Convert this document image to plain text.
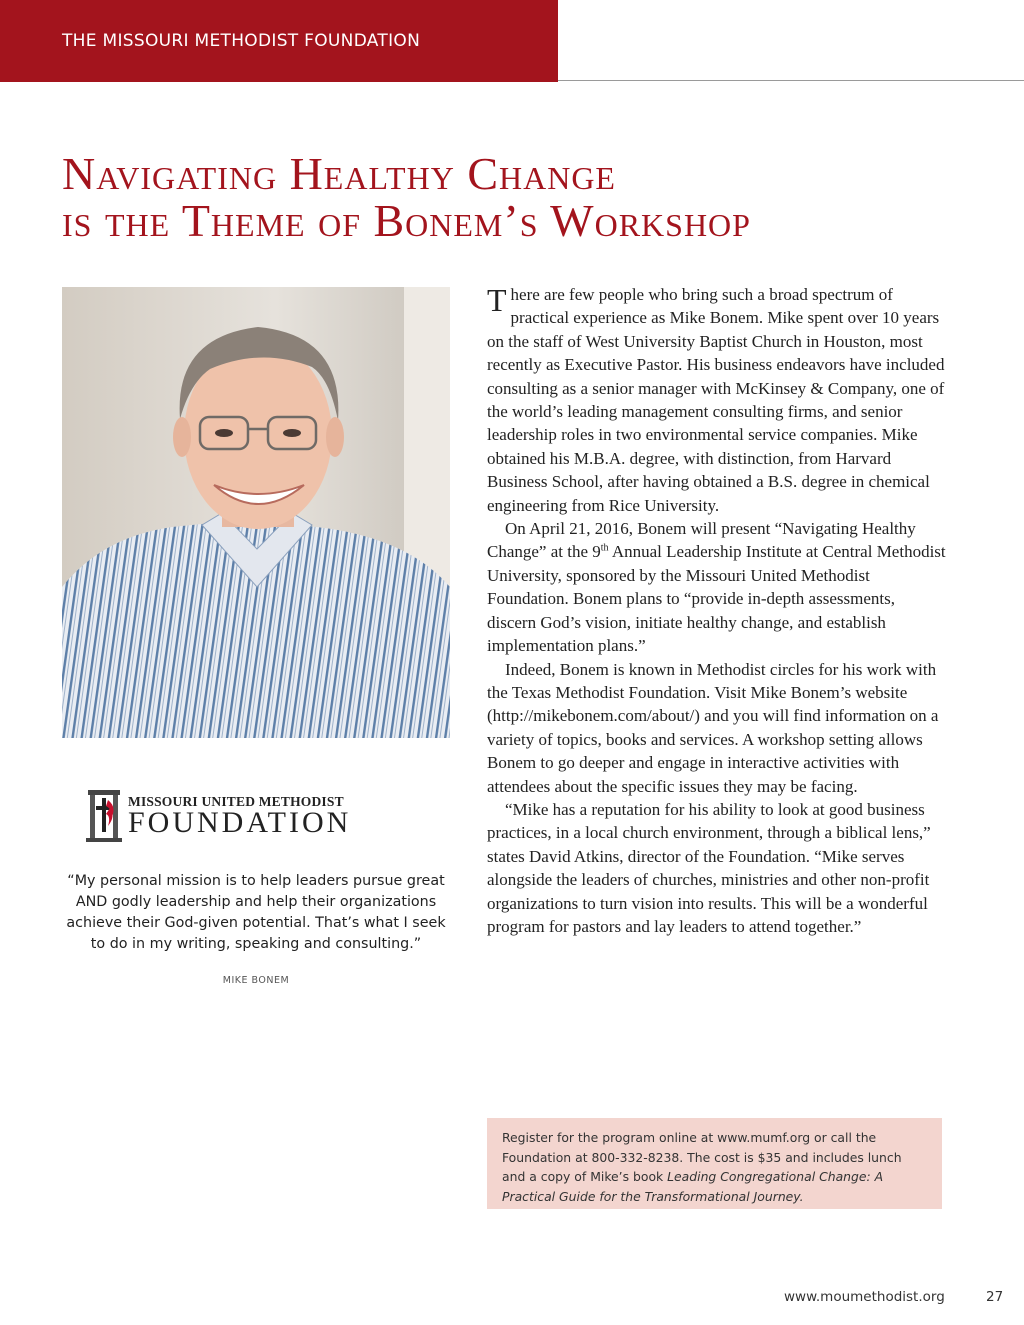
THE MISSOURI METHODIST FOUNDATION
Navigating Healthy Change
is the Theme of Bonem’s Workshop
MISSOURI UNITED METHODIST
FOUNDATION

“My personal mission is to help leaders pursue great AND godly leadership and help their organizations achieve their God-given potential. That’s what I seek to do in my writing, speaking and consulting.”

MIKE BONEM

There are few people who bring such a broad spectrum of practical experience as Mike Bonem. Mike spent over 10 years on the staff of West University Baptist Church in Houston, most recently as Executive Pastor. His business endeavors have included consulting as a senior manager with McKinsey & Company, one of the world’s leading management consulting firms, and senior leadership roles in two environmental service companies. Mike obtained his M.B.A. degree, with distinction, from Harvard Business School, after having obtained a B.S. degree in chemical engineering from Rice University.

On April 21, 2016, Bonem will present “Navigating Healthy Change” at the 9th Annual Leadership Institute at Central Methodist University, sponsored by the Missouri United Methodist Foundation. Bonem plans to “provide in-depth assessments, discern God’s vision, initiate healthy change, and establish implementation plans.”

Indeed, Bonem is known in Methodist circles for his work with the Texas Methodist Foundation. Visit Mike Bonem’s website (http://mikebonem.com/about/) and you will find information on a variety of topics, books and services. A workshop setting allows Bonem to go deeper and engage in interactive activities with attendees about the specific issues they may be facing.

“Mike has a reputation for his ability to look at good business practices, in a local church environment, through a biblical lens,” states David Atkins, director of the Foundation. “Mike serves alongside the leaders of churches, ministries and other non-profit organizations to turn vision into results. This will be a wonderful program for pastors and lay leaders to attend together.”

Register for the program online at www.mumf.org or call the Foundation at 800-332-8238. The cost is $35 and includes lunch and a copy of Mike’s book Leading Congregational Change: A Practical Guide for the Transformational Journey.
www.moumethodist.org	27
